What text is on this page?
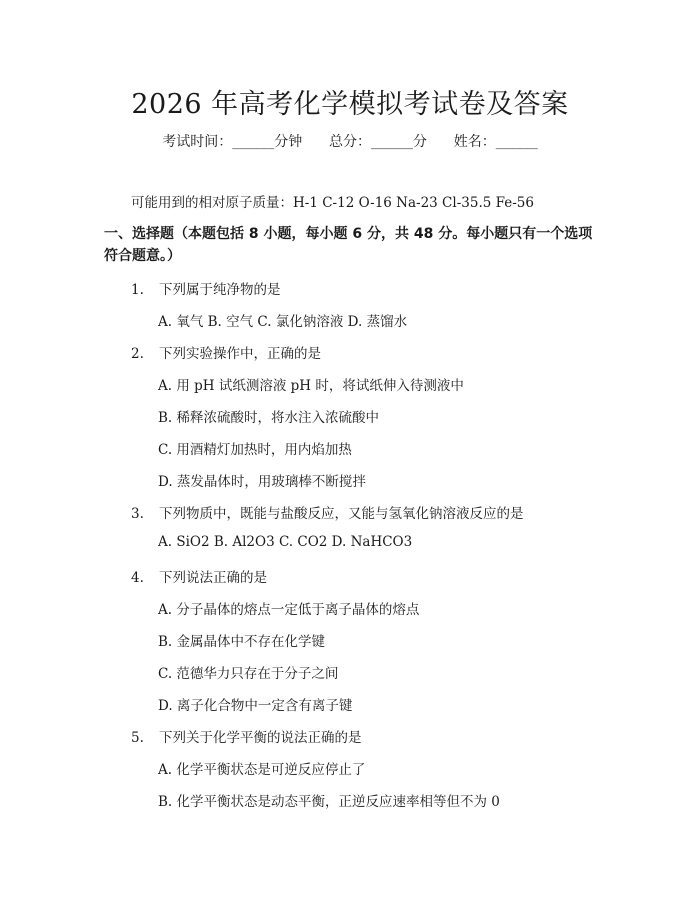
2026 年高考化学模拟考试卷及答案
考试时间：______分钟 总分：______分 姓名：______
可能用到的相对原子质量：H-1 C-12 O-16 Na-23 Cl-35.5 Fe-56
一、选择题（本题包括 8 小题，每小题 6 分，共 48 分。每小题只有一个选项符合题意。）
1. 下列属于纯净物的是
A. 氧气 B. 空气 C. 氯化钠溶液 D. 蒸馏水
2. 下列实验操作中，正确的是
A. 用 pH 试纸测溶液 pH 时，将试纸伸入待测液中
B. 稀释浓硫酸时，将水注入浓硫酸中
C. 用酒精灯加热时，用内焰加热
D. 蒸发晶体时，用玻璃棒不断搅拌
3. 下列物质中，既能与盐酸反应，又能与氢氧化钠溶液反应的是
A. SiO2 B. Al2O3 C. CO2 D. NaHCO3
4. 下列说法正确的是
A. 分子晶体的熔点一定低于离子晶体的熔点
B. 金属晶体中不存在化学键
C. 范德华力只存在于分子之间
D. 离子化合物中一定含有离子键
5. 下列关于化学平衡的说法正确的是
A. 化学平衡状态是可逆反应停止了
B. 化学平衡状态是动态平衡，正逆反应速率相等但不为 0
